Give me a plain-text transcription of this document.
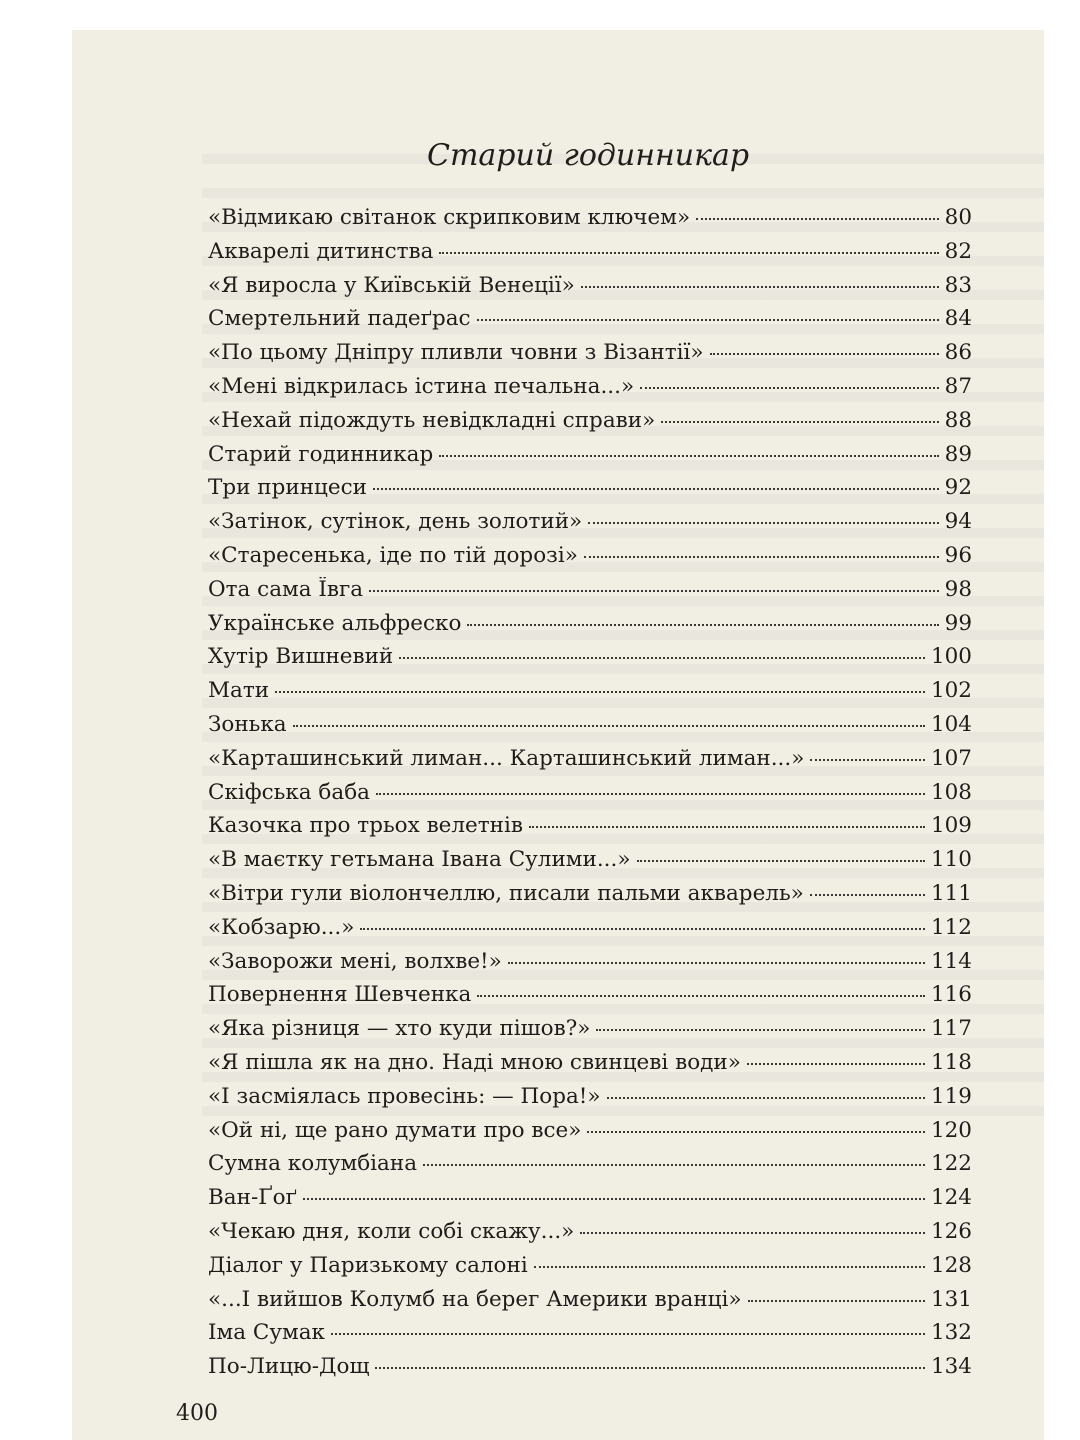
Старий годинникар
«Відмикаю світанок скрипковим ключем»	80
Акварелі дитинства	82
«Я виросла у Київській Венеції»	83
Смертельний падеґрас	84
«По цьому Дніпру пливли човни з Візантії»	86
«Мені відкрилась істина печальна...»	87
«Нехай підождуть невідкладні справи»	88
Старий годинникар	89
Три принцеси	92
«Затінок, сутінок, день золотий»	94
«Старесенька, іде по тій дорозі»	96
Ота сама Ївга	98
Українське альфреско	99
Хутір Вишневий	100
Мати	102
Зонька	104
«Карташинський лиман... Карташинський лиман...»	107
Скіфська баба	108
Казочка про трьох велетнів	109
«В маєтку гетьмана Івана Сулими...»	110
«Вітри гули віолончеллю, писали пальми акварель»	111
«Кобзарю...»	112
«Заворожи мені, волхве!»	114
Повернення Шевченка	116
«Яка різниця — хто куди пішов?»	117
«Я пішла як на дно. Наді мною свинцеві води»	118
«І засміялась провесінь: — Пора!»	119
«Ой ні, ще рано думати про все»	120
Сумна колумбіана	122
Ван-Ґоґ	124
«Чекаю дня, коли собі скажу...»	126
Діалог у Паризькому салоні	128
«...І вийшов Колумб на берег Америки вранці»	131
Іма Сумак	132
По-Лицю-Дощ	134
400
